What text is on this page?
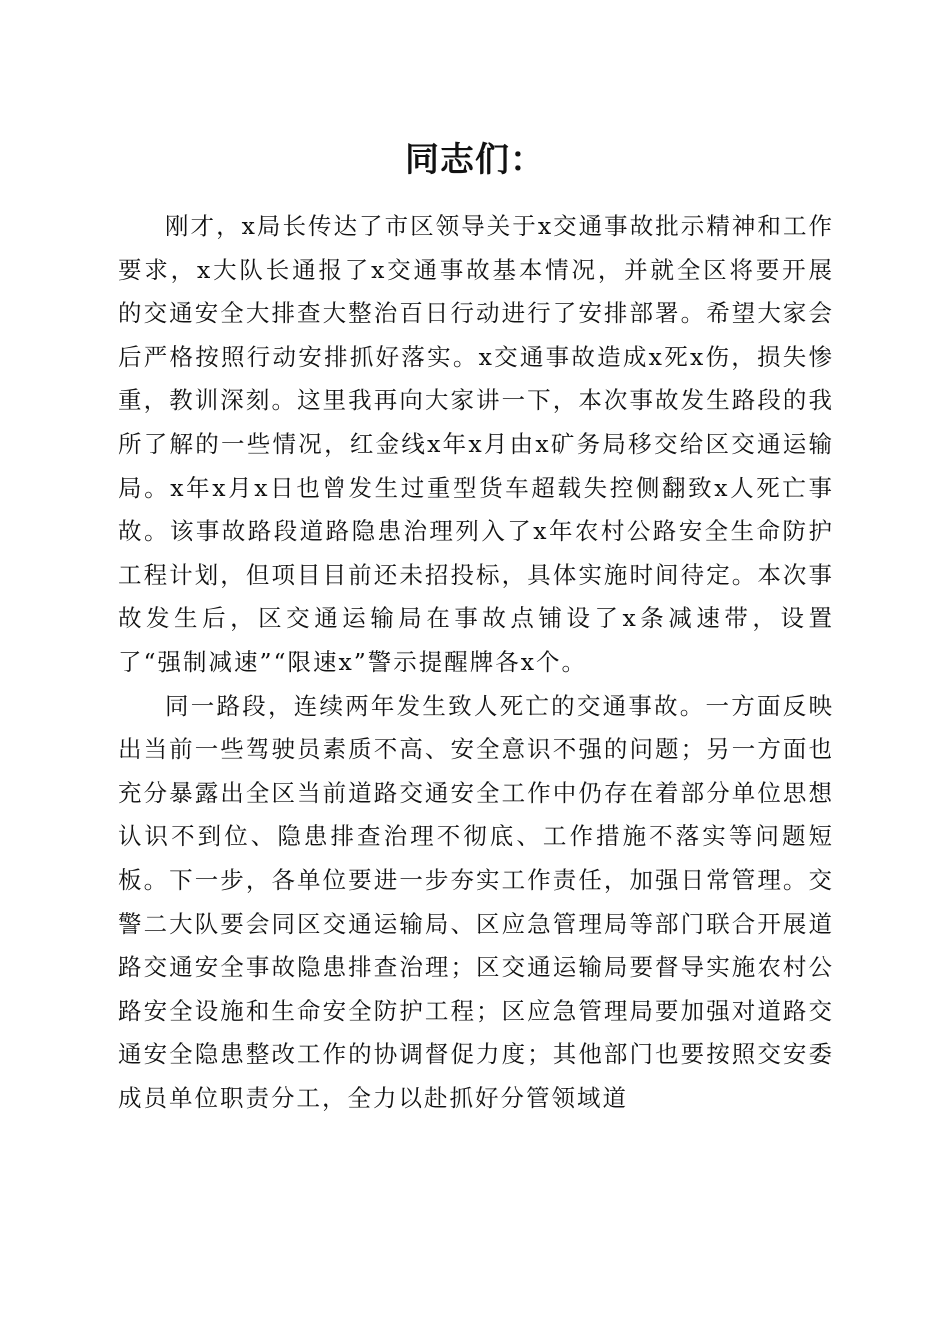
同志们：

刚才，x局长传达了市区领导关于x交通事故批示精神和工作要求，x大队长通报了x交通事故基本情况，并就全区将要开展的交通安全大排查大整治百日行动进行了安排部署。希望大家会后严格按照行动安排抓好落实。x交通事故造成x死x伤，损失惨重，教训深刻。这里我再向大家讲一下，本次事故发生路段的我所了解的一些情况，红金线x年x月由x矿务局移交给区交通运输局。x年x月x日也曾发生过重型货车超载失控侧翻致x人死亡事故。该事故路段道路隐患治理列入了x年农村公路安全生命防护工程计划，但项目目前还未招投标，具体实施时间待定。本次事故发生后，区交通运输局在事故点铺设了x条减速带，设置了“强制减速”“限速x”警示提醒牌各x个。

同一路段，连续两年发生致人死亡的交通事故。一方面反映出当前一些驾驶员素质不高、安全意识不强的问题；另一方面也充分暴露出全区当前道路交通安全工作中仍存在着部分单位思想认识不到位、隐患排查治理不彻底、工作措施不落实等问题短板。下一步，各单位要进一步夯实工作责任，加强日常管理。交警二大队要会同区交通运输局、区应急管理局等部门联合开展道路交通安全事故隐患排查治理；区交通运输局要督导实施农村公路安全设施和生命安全防护工程；区应急管理局要加强对道路交通安全隐患整改工作的协调督促力度；其他部门也要按照交安委成员单位职责分工，全力以赴抓好分管领域道
